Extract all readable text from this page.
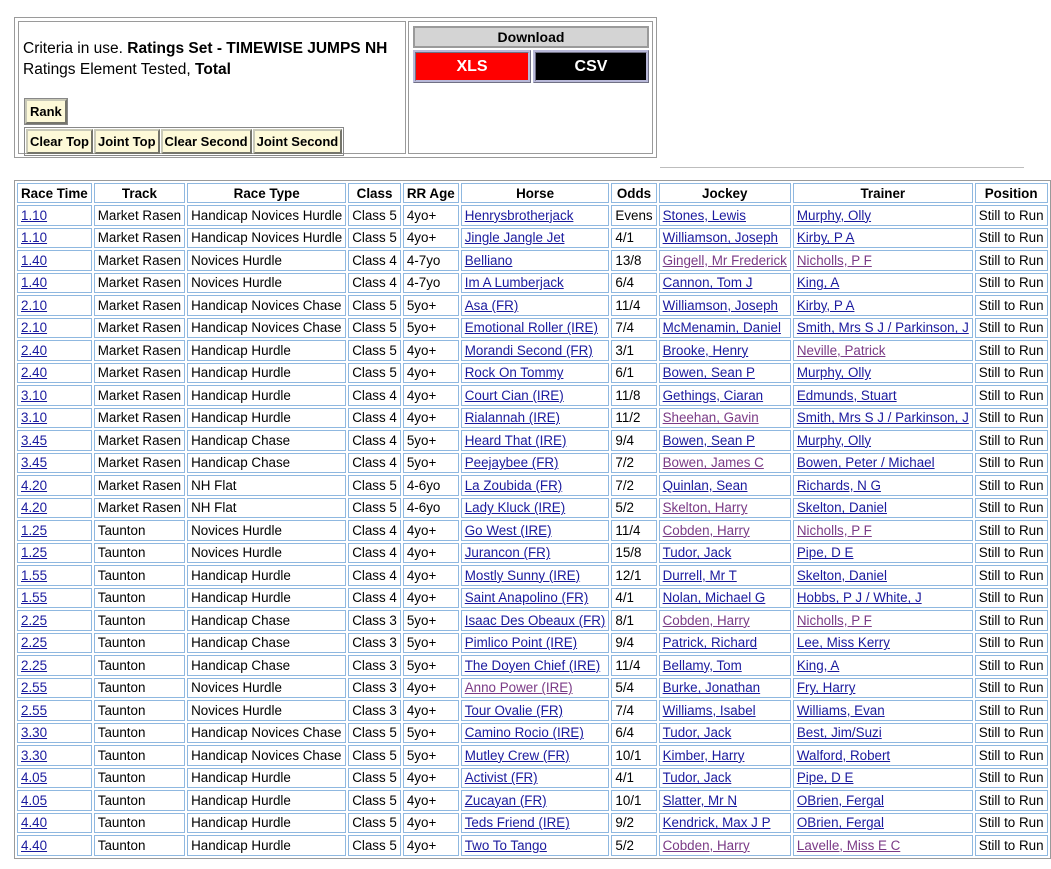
Criteria in use. Ratings Set - TIMEWISE JUMPS NH
Ratings Element Tested, Total
Rank
Clear Top Joint Top Clear Second Joint Second
Download
XLS	CSV
Race Time	Track	Race Type	Class	RR Age	Horse	Odds	Jockey	Trainer	Position
1.10	Market Rasen	Handicap Novices Hurdle	Class 5	4yo+	Henrysbrotherjack	Evens	Stones, Lewis	Murphy, Olly	Still to Run
1.10	Market Rasen	Handicap Novices Hurdle	Class 5	4yo+	Jingle Jangle Jet	4/1	Williamson, Joseph	Kirby, P A	Still to Run
1.40	Market Rasen	Novices Hurdle	Class 4	4-7yo	Belliano	13/8	Gingell, Mr Frederick	Nicholls, P F	Still to Run
1.40	Market Rasen	Novices Hurdle	Class 4	4-7yo	Im A Lumberjack	6/4	Cannon, Tom J	King, A	Still to Run
2.10	Market Rasen	Handicap Novices Chase	Class 5	5yo+	Asa (FR)	11/4	Williamson, Joseph	Kirby, P A	Still to Run
2.10	Market Rasen	Handicap Novices Chase	Class 5	5yo+	Emotional Roller (IRE)	7/4	McMenamin, Daniel	Smith, Mrs S J / Parkinson, J	Still to Run
2.40	Market Rasen	Handicap Hurdle	Class 5	4yo+	Morandi Second (FR)	3/1	Brooke, Henry	Neville, Patrick	Still to Run
2.40	Market Rasen	Handicap Hurdle	Class 5	4yo+	Rock On Tommy	6/1	Bowen, Sean P	Murphy, Olly	Still to Run
3.10	Market Rasen	Handicap Hurdle	Class 4	4yo+	Court Cian (IRE)	11/8	Gethings, Ciaran	Edmunds, Stuart	Still to Run
3.10	Market Rasen	Handicap Hurdle	Class 4	4yo+	Rialannah (IRE)	11/2	Sheehan, Gavin	Smith, Mrs S J / Parkinson, J	Still to Run
3.45	Market Rasen	Handicap Chase	Class 4	5yo+	Heard That (IRE)	9/4	Bowen, Sean P	Murphy, Olly	Still to Run
3.45	Market Rasen	Handicap Chase	Class 4	5yo+	Peejaybee (FR)	7/2	Bowen, James C	Bowen, Peter / Michael	Still to Run
4.20	Market Rasen	NH Flat	Class 5	4-6yo	La Zoubida (FR)	7/2	Quinlan, Sean	Richards, N G	Still to Run
4.20	Market Rasen	NH Flat	Class 5	4-6yo	Lady Kluck (IRE)	5/2	Skelton, Harry	Skelton, Daniel	Still to Run
1.25	Taunton	Novices Hurdle	Class 4	4yo+	Go West (IRE)	11/4	Cobden, Harry	Nicholls, P F	Still to Run
1.25	Taunton	Novices Hurdle	Class 4	4yo+	Jurancon (FR)	15/8	Tudor, Jack	Pipe, D E	Still to Run
1.55	Taunton	Handicap Hurdle	Class 4	4yo+	Mostly Sunny (IRE)	12/1	Durrell, Mr T	Skelton, Daniel	Still to Run
1.55	Taunton	Handicap Hurdle	Class 4	4yo+	Saint Anapolino (FR)	4/1	Nolan, Michael G	Hobbs, P J / White, J	Still to Run
2.25	Taunton	Handicap Chase	Class 3	5yo+	Isaac Des Obeaux (FR)	8/1	Cobden, Harry	Nicholls, P F	Still to Run
2.25	Taunton	Handicap Chase	Class 3	5yo+	Pimlico Point (IRE)	9/4	Patrick, Richard	Lee, Miss Kerry	Still to Run
2.25	Taunton	Handicap Chase	Class 3	5yo+	The Doyen Chief (IRE)	11/4	Bellamy, Tom	King, A	Still to Run
2.55	Taunton	Novices Hurdle	Class 3	4yo+	Anno Power (IRE)	5/4	Burke, Jonathan	Fry, Harry	Still to Run
2.55	Taunton	Novices Hurdle	Class 3	4yo+	Tour Ovalie (FR)	7/4	Williams, Isabel	Williams, Evan	Still to Run
3.30	Taunton	Handicap Novices Chase	Class 5	5yo+	Camino Rocio (IRE)	6/4	Tudor, Jack	Best, Jim/Suzi	Still to Run
3.30	Taunton	Handicap Novices Chase	Class 5	5yo+	Mutley Crew (FR)	10/1	Kimber, Harry	Walford, Robert	Still to Run
4.05	Taunton	Handicap Hurdle	Class 5	4yo+	Activist (FR)	4/1	Tudor, Jack	Pipe, D E	Still to Run
4.05	Taunton	Handicap Hurdle	Class 5	4yo+	Zucayan (FR)	10/1	Slatter, Mr N	OBrien, Fergal	Still to Run
4.40	Taunton	Handicap Hurdle	Class 5	4yo+	Teds Friend (IRE)	9/2	Kendrick, Max J P	OBrien, Fergal	Still to Run
4.40	Taunton	Handicap Hurdle	Class 5	4yo+	Two To Tango	5/2	Cobden, Harry	Lavelle, Miss E C	Still to Run
